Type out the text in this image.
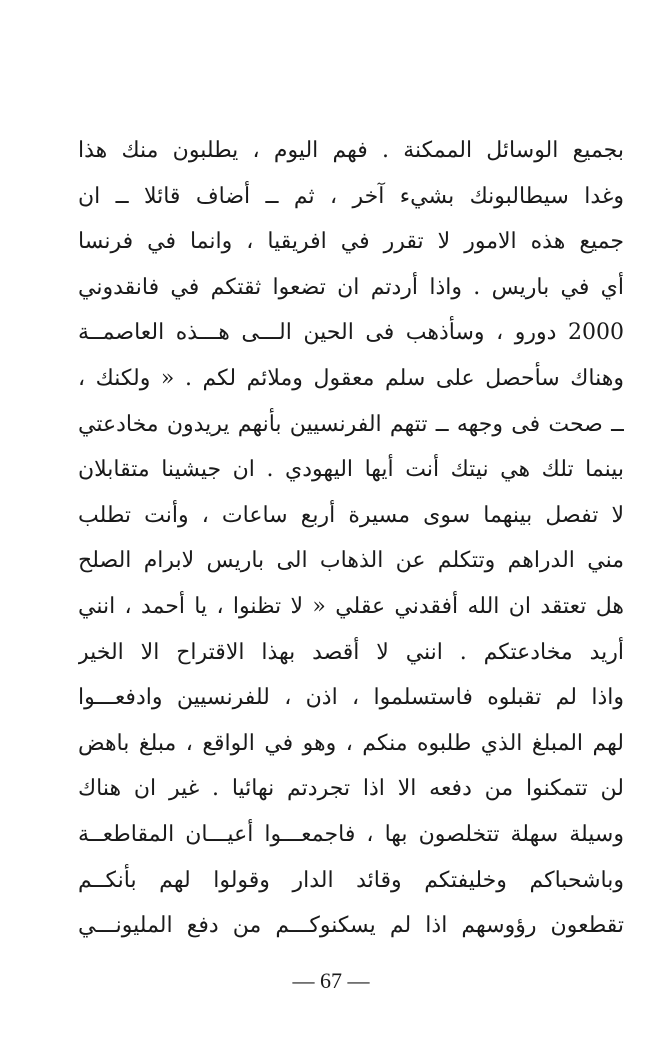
بجميع الوسائل الممكنة . فهم اليوم ، يطلبون منك هذا
وغدا سيطالبونك بشيء آخر ، ثم ــ أضاف قائلا ــ ان
جميع هذه الامور لا تقرر في افريقيا ، وانما في فرنسا
أي في باريس . واذا أردتم ان تضعوا ثقتكم في فانقدوني
2000 دورو ، وسأذهب فى الحين الـــى هـــذه العاصمــة
وهناك سأحصل على سلم معقول وملائم لكم . « ولكنك ،
ــ صحت فى وجهه ــ تتهم الفرنسيين بأنهم يريدون مخادعتي
بينما تلك هي نيتك أنت أيها اليهودي . ان جيشينا متقابلان
لا تفصل بينهما سوى مسيرة أربع ساعات ، وأنت تطلب
مني الدراهم وتتكلم عن الذهاب الى باريس لابرام الصلح
هل تعتقد ان الله أفقدني عقلي « لا تظنوا ، يا أحمد ، انني
أريد مخادعتكم . انني لا أقصد بهذا الاقتراح الا الخير
واذا لم تقبلوه فاستسلموا ، اذن ، للفرنسيين وادفعـــوا
لهم المبلغ الذي طلبوه منكم ، وهو في الواقع ، مبلغ باهض
لن تتمكنوا من دفعه الا اذا تجردتم نهائيا . غير ان هناك
وسيلة سهلة تتخلصون بها ، فاجمعـــوا أعيـــان المقاطعــة
وباشحباكم وخليفتكم وقائد الدار وقولوا لهم بأنكــم
تقطعون رؤوسهم اذا لم يسكنوكـــم من دفع المليونـــي
— 67 —
